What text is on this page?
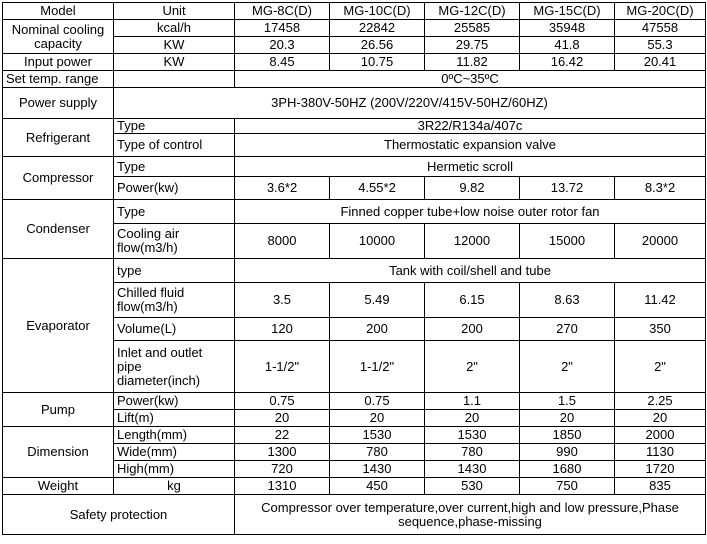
Model	Unit	MG-8C(D)	MG-10C(D)	MG-12C(D)	MG-15C(D)	MG-20C(D)

Nominal cooling
capacity	kcal/h	17458	22842	25585	35948	47558
	KW	20.3	26.56	29.75	41.8	55.3
Input power	KW	8.45	10.75	11.82	16.42	20.41
Set temp. range		0ºC~35ºC				
Power supply	3PH-380V-50HZ (200V/220V/415V-50HZ/60HZ)					
Refrigerant	Type	3R22/R134a/407c				
	Type of control	Thermostatic expansion valve				
Compressor	Type	Hermetic scroll				
	Power(kw)	3.6*2	4.55*2	9.82	13.72	8.3*2
Condenser	Type	Finned copper tube+low noise outer rotor fan				

	Cooling air
flow(m3/h)	8000	10000	12000	15000	20000
Evaporator	type	Tank with coil/shell and tube				

	Chilled fluid
flow(m3/h)	3.5	5.49	6.15	8.63	11.42
	Volume(L)	120	200	200	270	350

	Inlet and outlet
pipe
diameter(inch)	1-1/2"	1-1/2"	2"	2"	2"
Pump	Power(kw)	0.75	0.75	1.1	1.5	2.25
	Lift(m)	20	20	20	20	20
Dimension	Length(mm)	22	1530	1530	1850	2000
	Wide(mm)	1300	780	780	990	1130
	High(mm)	720	1430	1430	1680	1720
Weight	kg	1310	450	530	750	835
Safety protection		Compressor over temperature,over current,high and low pressure,Phase
sequence,phase-missing				
